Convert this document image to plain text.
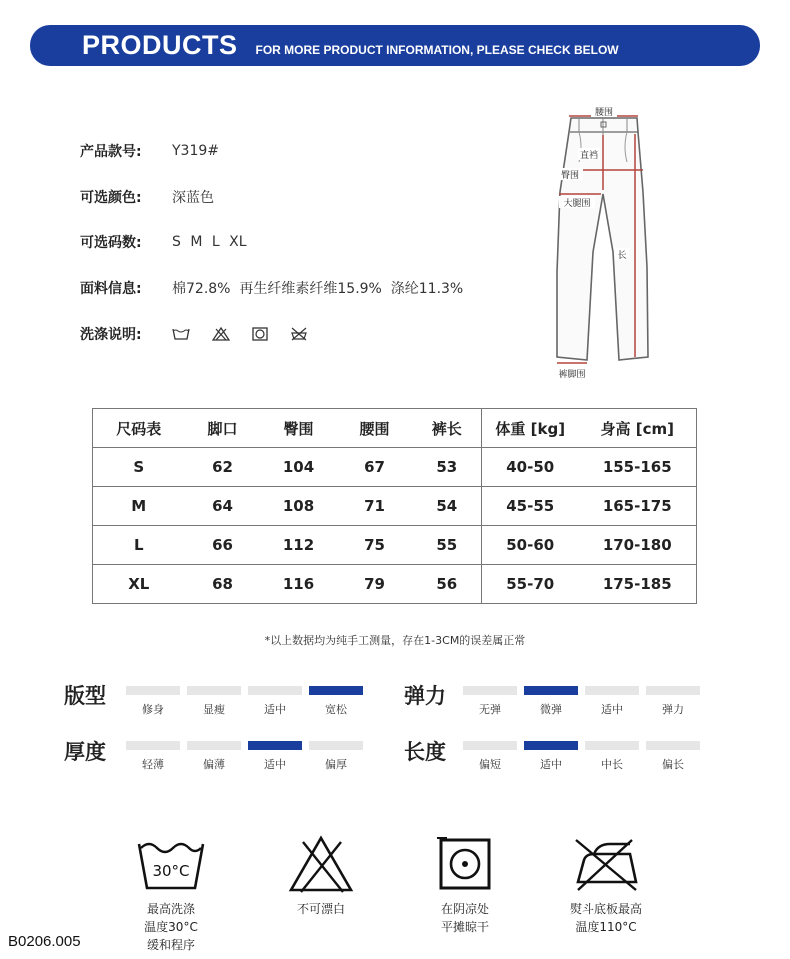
PRODUCTS FOR MORE PRODUCT INFORMATION, PLEASE CHECK BELOW
产品款号:	Y319#
可选颜色:	深蓝色
可选码数:	S M L XL
面料信息:	棉72.8%  再生纤维素纤维15.9%  涤纶11.3%
洗涤说明:
腰围
直裆
臀围
大腿围
长
裤脚围
尺码表	脚口	臀围	腰围	裤长	体重 [kg]	身高 [cm]
S	62	104	67	53	40-50	155-165
M	64	108	71	54	45-55	165-175
L	66	112	75	55	50-60	170-180
XL	68	116	79	56	55-70	175-185
*以上数据均为纯手工测量，存在1-3CM的误差属正常
版型
修身	显瘦	适中	宽松
弹力
无弹	微弹	适中	弹力
厚度
轻薄	偏薄	适中	偏厚
长度
偏短	适中	中长	偏长
30°C
最高洗涤
温度30°C
缓和程序
不可漂白	在阴凉处
平摊晾干
熨斗底板最高
温度110°C
B0206.005
